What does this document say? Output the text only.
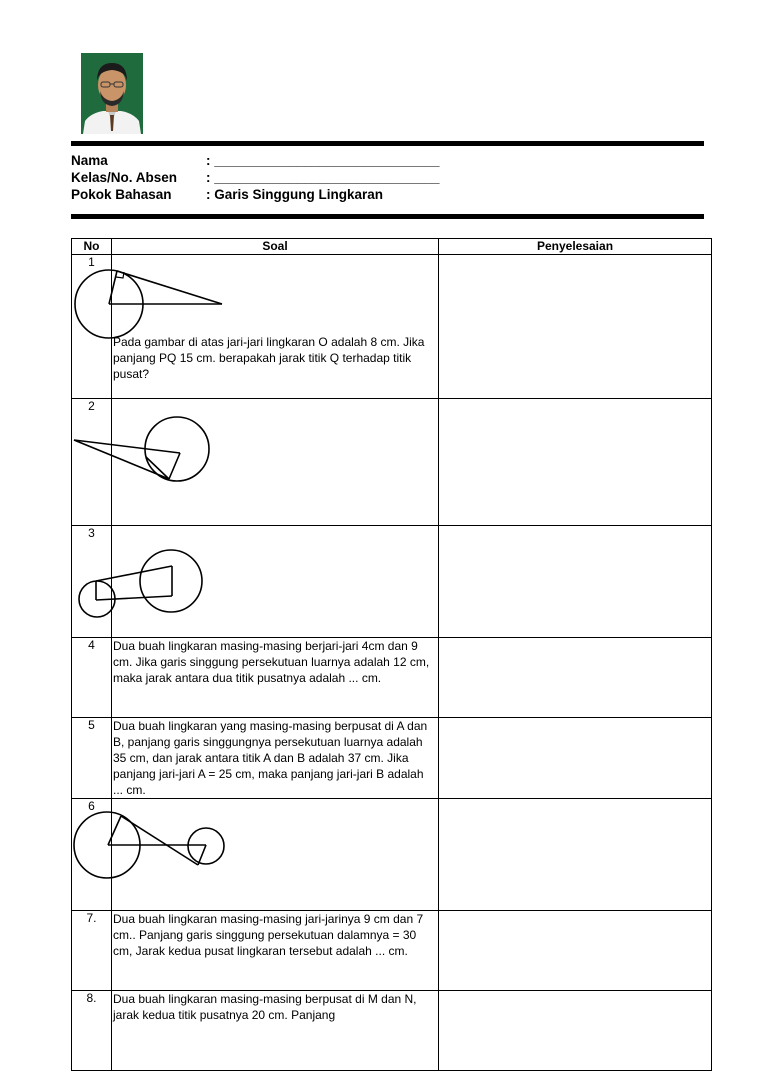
Nama	: ______________________________
Kelas/No. Absen	: ______________________________
Pokok Bahasan	: Garis Singgung Lingkaran
No	Soal	Penyelesaian
1	Pada gambar di atas jari-jari lingkaran O adalah 8 cm. Jika panjang PQ 15 cm. berapakah jarak titik Q terhadap titik pusat?	

2	

3	

4	Dua buah lingkaran masing-masing berjari-jari 4cm dan 9 cm. Jika garis singgung persekutuan luarnya adalah 12 cm, maka jarak antara dua titik pusatnya adalah ... cm.	

5	Dua buah lingkaran yang masing-masing berpusat di A dan B, panjang garis singgungnya persekutuan luarnya adalah 35 cm, dan jarak antara titik A dan B adalah 37 cm. Jika panjang jari-jari A = 25 cm, maka panjang jari-jari B adalah ... cm.	

6	

7.	Dua buah lingkaran masing-masing jari-jarinya 9 cm dan 7 cm.. Panjang garis singgung persekutuan dalamnya = 30 cm, Jarak kedua pusat lingkaran tersebut adalah ... cm.	

8.	Dua buah lingkaran masing-masing berpusat di M dan N, jarak kedua titik pusatnya 20 cm. Panjang	
